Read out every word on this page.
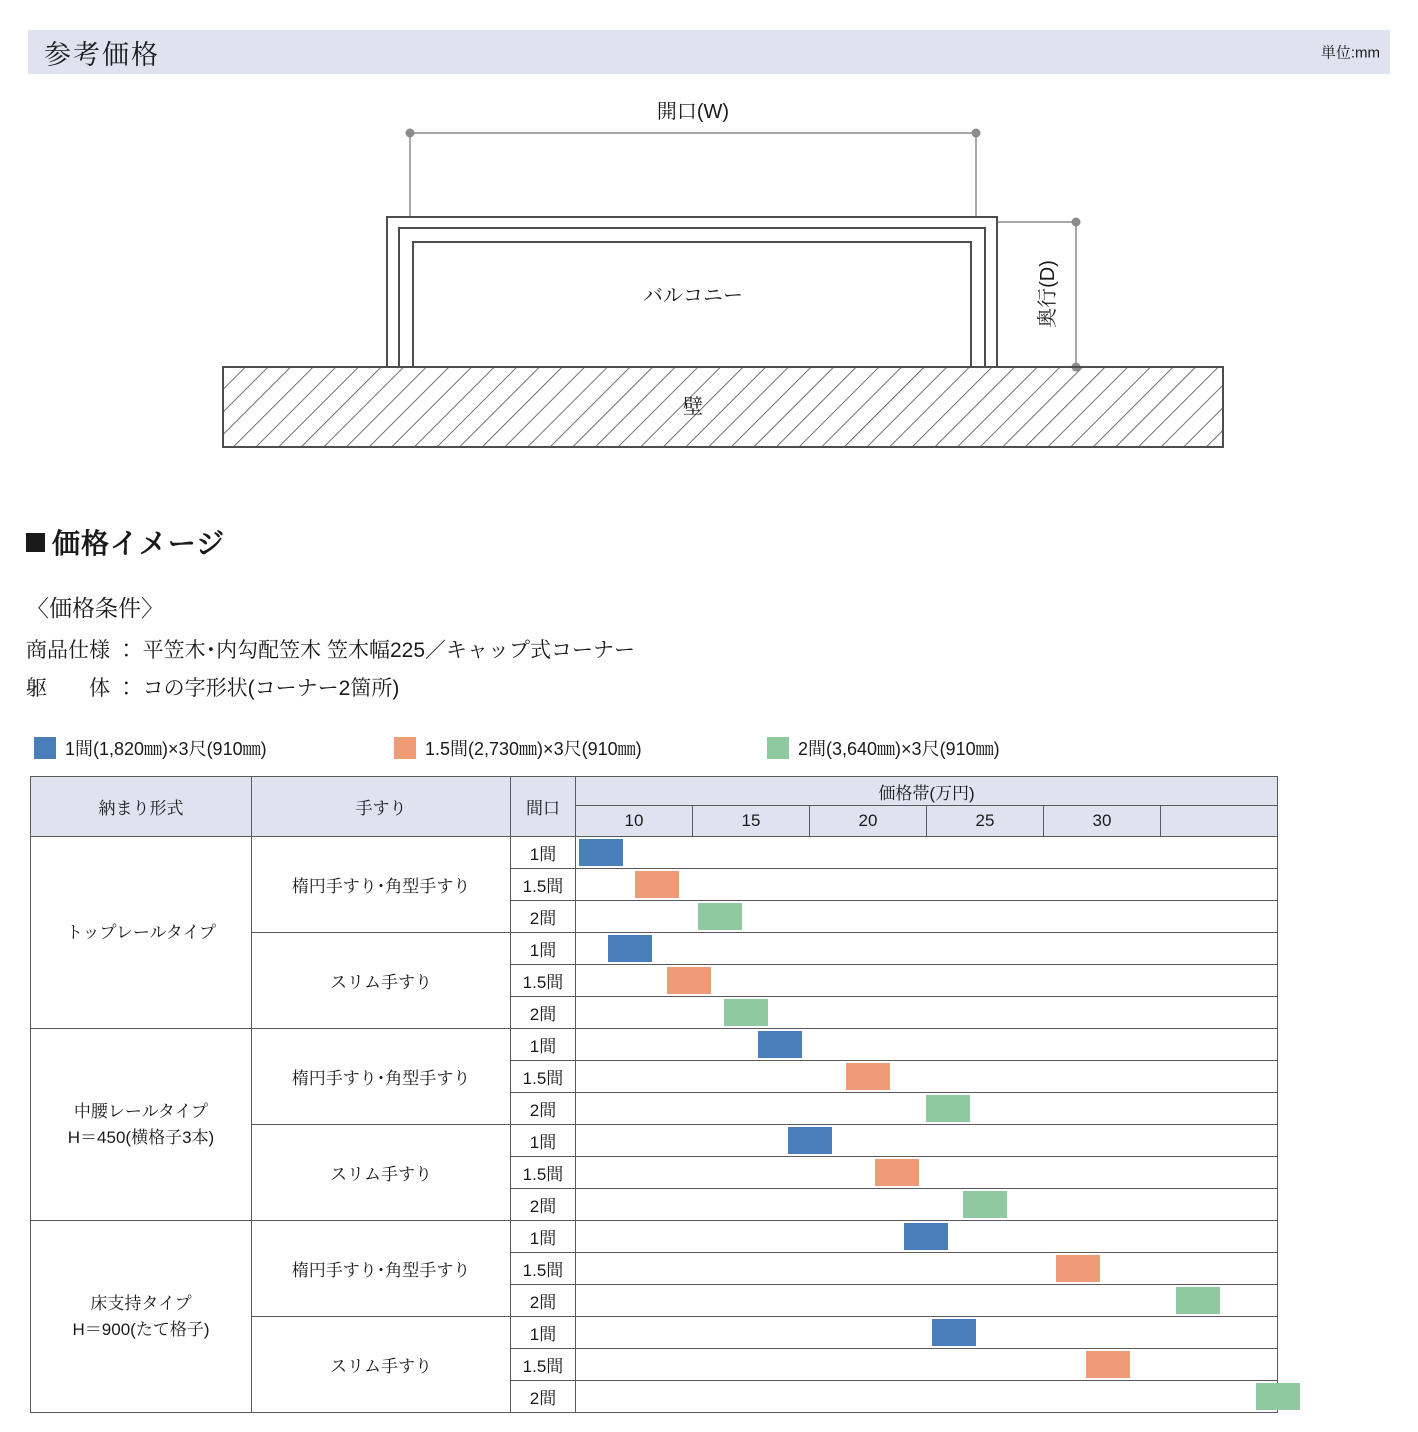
参考価格	単位:mm
開口(W)
バルコニー
壁
奥行(D)
価格イメージ
〈価格条件〉
商品仕様 ： 平笠木･内勾配笠木 笠木幅225／キャップ式コーナー
躯　　体 ： コの字形状(コーナー2箇所)
1間(1,820㎜)×3尺(910㎜)	1.5間(2,730㎜)×3尺(910㎜)	2間(3,640㎜)×3尺(910㎜)
納まり形式	手すり	間口	価格帯(万円)					
			10	15	20	25	30	
トップレールタイプ	楕円手すり･角型手すり	1間						

		1.5間						

		2間						

	スリム手すり	1間						

		1.5間						

		2間						

中腰レールタイプ
H＝450(横格子3本)	楕円手すり･角型手すり	1間						

		1.5間						

		2間						

	スリム手すり	1間						

		1.5間						

		2間						

床支持タイプ
H＝900(たて格子)	楕円手すり･角型手すり	1間						

		1.5間						

		2間						

	スリム手すり	1間						

		1.5間						

		2間						
